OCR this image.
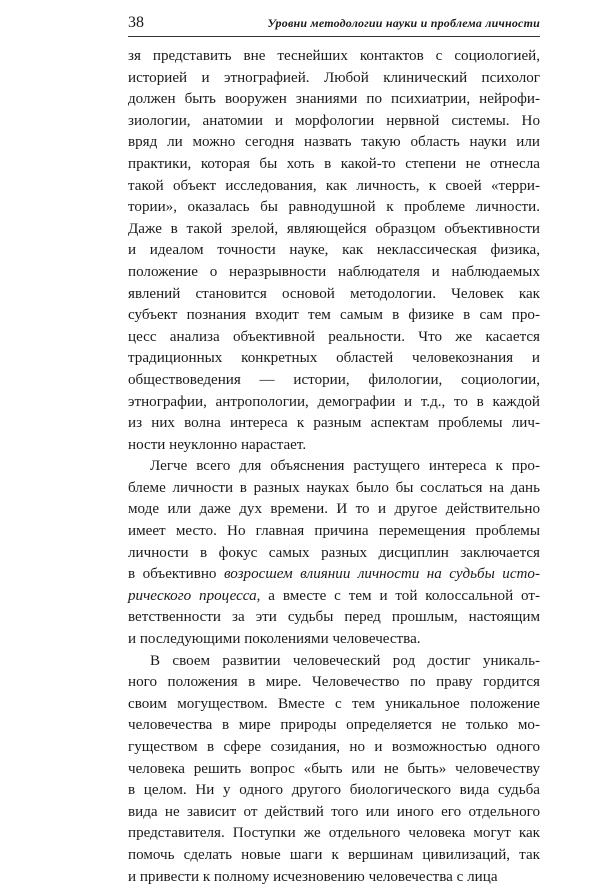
38	Уровни методологии науки и проблема личности
зя представить вне теснейших контактов с социологией,
историей и этнографией. Любой клинический психолог
должен быть вооружен знаниями по психиатрии, нейрофи-
зиологии, анатомии и морфологии нервной системы. Но
вряд ли можно сегодня назвать такую область науки или
практики, которая бы хоть в какой-то степени не отнесла
такой объект исследования, как личность, к своей «терри-
тории», оказалась бы равнодушной к проблеме личности.
Даже в такой зрелой, являющейся образцом объективности
и идеалом точности науке, как неклассическая физика,
положение о неразрывности наблюдателя и наблюдаемых
явлений становится основой методологии. Человек как
субъект познания входит тем самым в физике в сам про-
цесс анализа объективной реальности. Что же касается
традиционных конкретных областей человекознания и
обществоведения — истории, филологии, социологии,
этнографии, антропологии, демографии и т.д., то в каждой
из них волна интереса к разным аспектам проблемы лич-
ности неуклонно нарастает.
Легче всего для объяснения растущего интереса к про-
блеме личности в разных науках было бы сослаться на дань
моде или даже дух времени. И то и другое действительно
имеет место. Но главная причина перемещения проблемы
личности в фокус самых разных дисциплин заключается
в объективно возросшем влиянии личности на судьбы исто-
ричеcкого процесса, а вместе с тем и той колоссальной от-
ветственности за эти судьбы перед прошлым, настоящим
и последующими поколениями человечества.
В своем развитии человеческий род достиг уникаль-
ного положения в мире. Человечество по праву гордится
своим могуществом. Вместе с тем уникальное положение
человечества в мире природы определяется не только мо-
гуществом в сфере созидания, но и возможностью одного
человека решить вопрос «быть или не быть» человечеству
в целом. Ни у одного другого биологического вида судьба
вида не зависит от действий того или иного его отдельного
представителя. Поступки же отдельного человека могут как
помочь сделать новые шаги к вершинам цивилизаций, так
и привести к полному исчезновению человечества с лица
